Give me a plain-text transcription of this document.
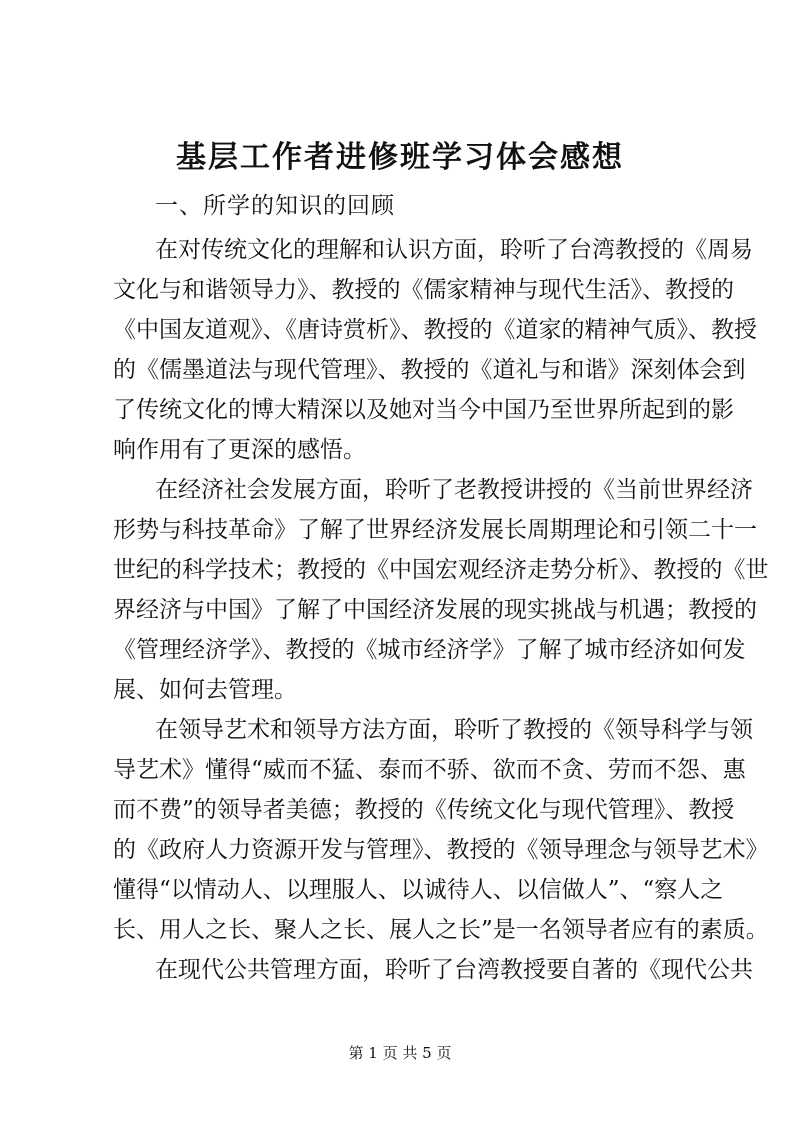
基层工作者进修班学习体会感想
一、所学的知识的回顾
在对传统文化的理解和认识方面，聆听了台湾教授的《周易
文化与和谐领导力》、教授的《儒家精神与现代生活》、教授的
《中国友道观》、《唐诗赏析》、教授的《道家的精神气质》、教授
的《儒墨道法与现代管理》、教授的《道礼与和谐》深刻体会到
了传统文化的博大精深以及她对当今中国乃至世界所起到的影
响作用有了更深的感悟。
在经济社会发展方面，聆听了老教授讲授的《当前世界经济
形势与科技革命》了解了世界经济发展长周期理论和引领二十一
世纪的科学技术；教授的《中国宏观经济走势分析》、教授的《世
界经济与中国》了解了中国经济发展的现实挑战与机遇；教授的
《管理经济学》、教授的《城市经济学》了解了城市经济如何发
展、如何去管理。
在领导艺术和领导方法方面，聆听了教授的《领导科学与领
导艺术》懂得“威而不猛、泰而不骄、欲而不贪、劳而不怨、惠
而不费”的领导者美德；教授的《传统文化与现代管理》、教授
的《政府人力资源开发与管理》、教授的《领导理念与领导艺术》
懂得“以情动人、以理服人、以诚待人、以信做人”、“察人之
长、用人之长、聚人之长、展人之长”是一名领导者应有的素质。
在现代公共管理方面，聆听了台湾教授要自著的《现代公共
第 1 页 共 5 页
